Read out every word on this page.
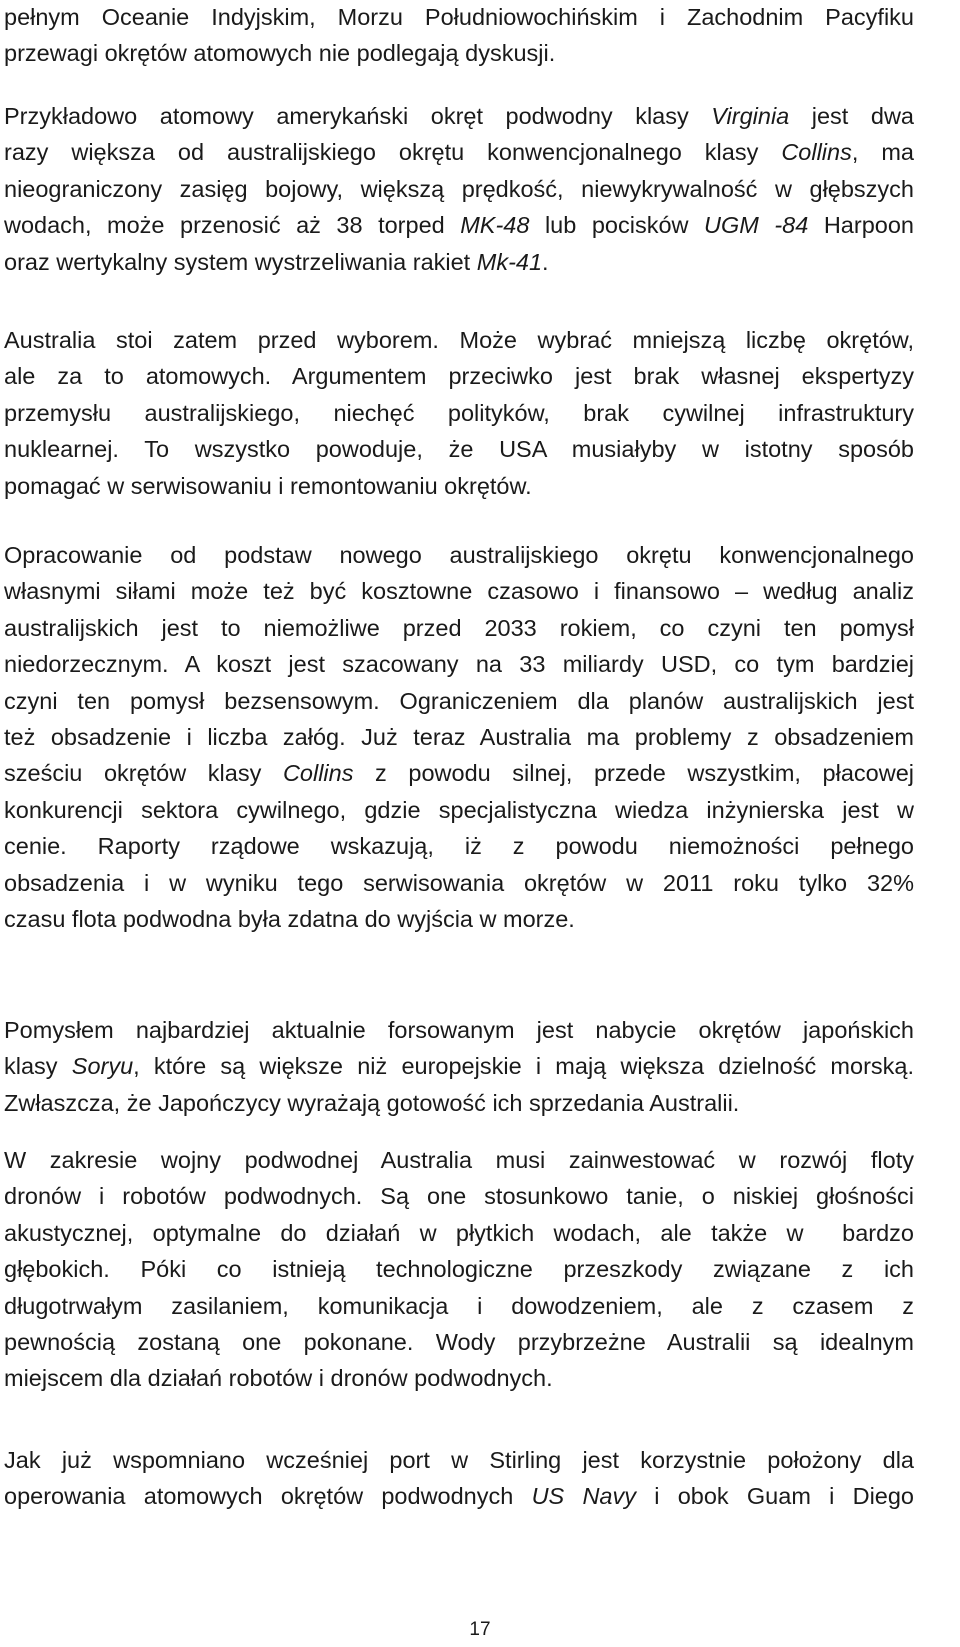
pełnym Oceanie Indyjskim, Morzu Południowochińskim i Zachodnim Pacyfiku
przewagi okrętów atomowych nie podlegają dyskusji.
Przykładowo atomowy amerykański okręt podwodny klasy Virginia jest dwa
razy większa od australijskiego okrętu konwencjonalnego klasy Collins, ma
nieograniczony zasięg bojowy, większą prędkość, niewykrywalność w głębszych
wodach, może przenosić aż 38 torped MK-48 lub pocisków UGM -84 Harpoon
oraz wertykalny system wystrzeliwania rakiet Mk-41.
Australia stoi zatem przed wyborem. Może wybrać mniejszą liczbę okrętów,
ale za to atomowych. Argumentem przeciwko jest brak własnej ekspertyzy
przemysłu australijskiego, niechęć polityków, brak cywilnej infrastruktury
nuklearnej. To wszystko powoduje, że USA musiałyby w istotny sposób
pomagać w serwisowaniu i remontowaniu okrętów.
Opracowanie od podstaw nowego australijskiego okrętu konwencjonalnego
własnymi siłami może też być kosztowne czasowo i finansowo – według analiz
australijskich jest to niemożliwe przed 2033 rokiem, co czyni ten pomysł
niedorzecznym. A koszt jest szacowany na 33 miliardy USD, co tym bardziej
czyni ten pomysł bezsensowym. Ograniczeniem dla planów australijskich jest
też obsadzenie i liczba załóg. Już teraz Australia ma problemy z obsadzeniem
sześciu okrętów klasy Collins z powodu silnej, przede wszystkim, płacowej
konkurencji sektora cywilnego, gdzie specjalistyczna wiedza inżynierska jest w
cenie. Raporty rządowe wskazują, iż z powodu niemożności pełnego
obsadzenia i w wyniku tego serwisowania okrętów w 2011 roku tylko 32%
czasu flota podwodna była zdatna do wyjścia w morze.
Pomysłem najbardziej aktualnie forsowanym jest nabycie okrętów japońskich
klasy Soryu, które są większe niż europejskie i mają większa dzielność morską.
Zwłaszcza, że Japończycy wyrażają gotowość ich sprzedania Australii.
W zakresie wojny podwodnej Australia musi zainwestować w rozwój floty
dronów i robotów podwodnych. Są one stosunkowo tanie, o niskiej głośności
akustycznej, optymalne do działań w płytkich wodach, ale także w  bardzo
głębokich. Póki co istnieją technologiczne przeszkody związane z ich
długotrwałym zasilaniem, komunikacja i dowodzeniem, ale z czasem z
pewnością zostaną one pokonane. Wody przybrzeżne Australii są idealnym
miejscem dla działań robotów i dronów podwodnych.
Jak już wspomniano wcześniej port w Stirling jest korzystnie położony dla
operowania atomowych okrętów podwodnych US Navy i obok Guam i Diego
17
